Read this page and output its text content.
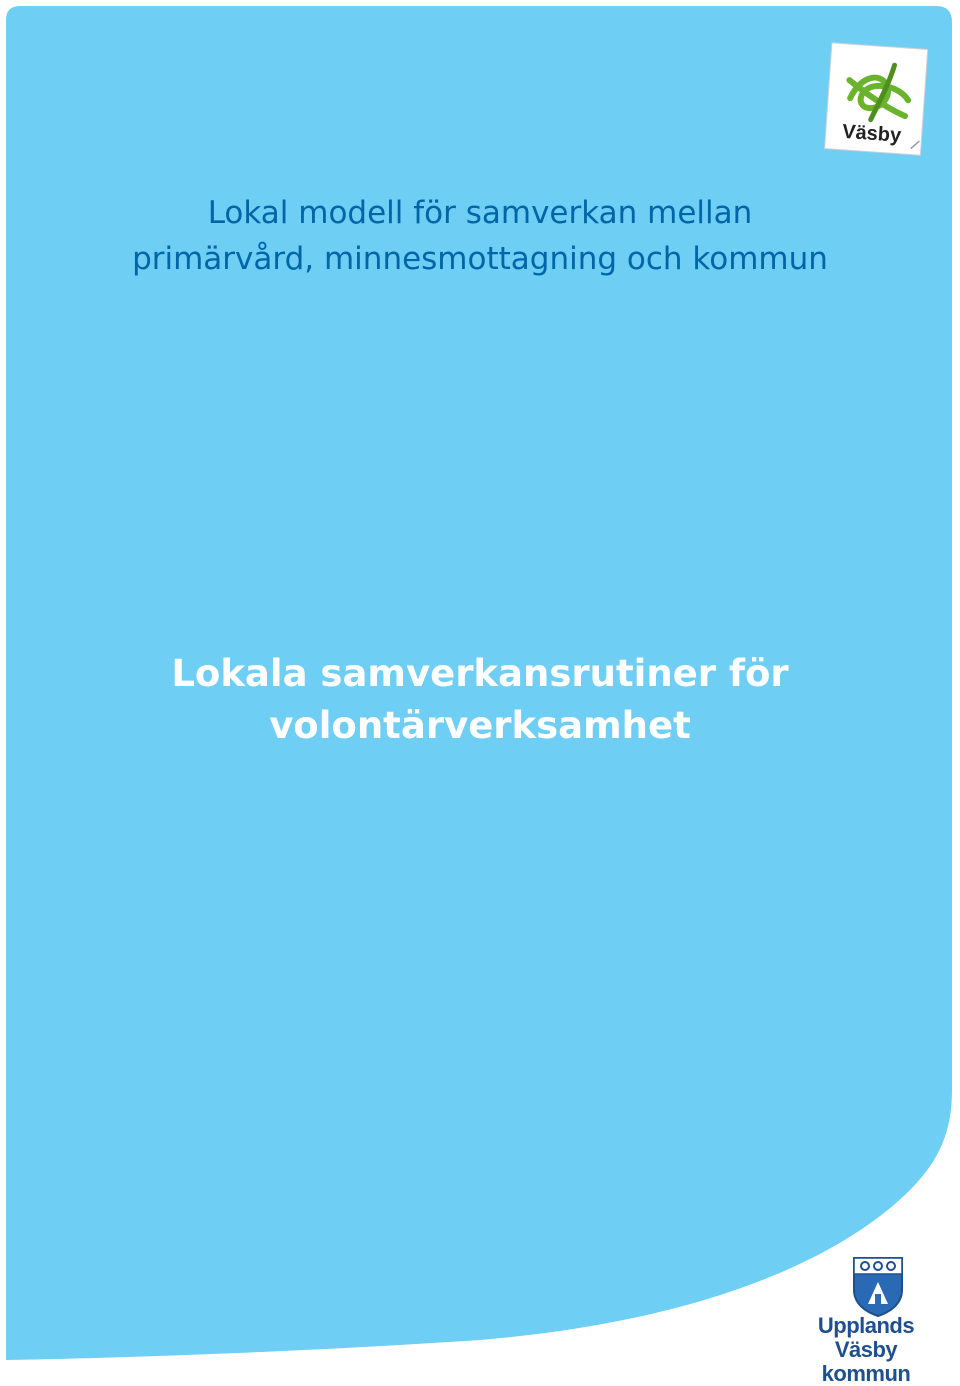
Väsby
Lokal modell för samverkan mellan
primärvård, minnesmottagning och kommun
Lokala samverkansrutiner för
volontärverksamhet
Upplands Väsby
kommun
